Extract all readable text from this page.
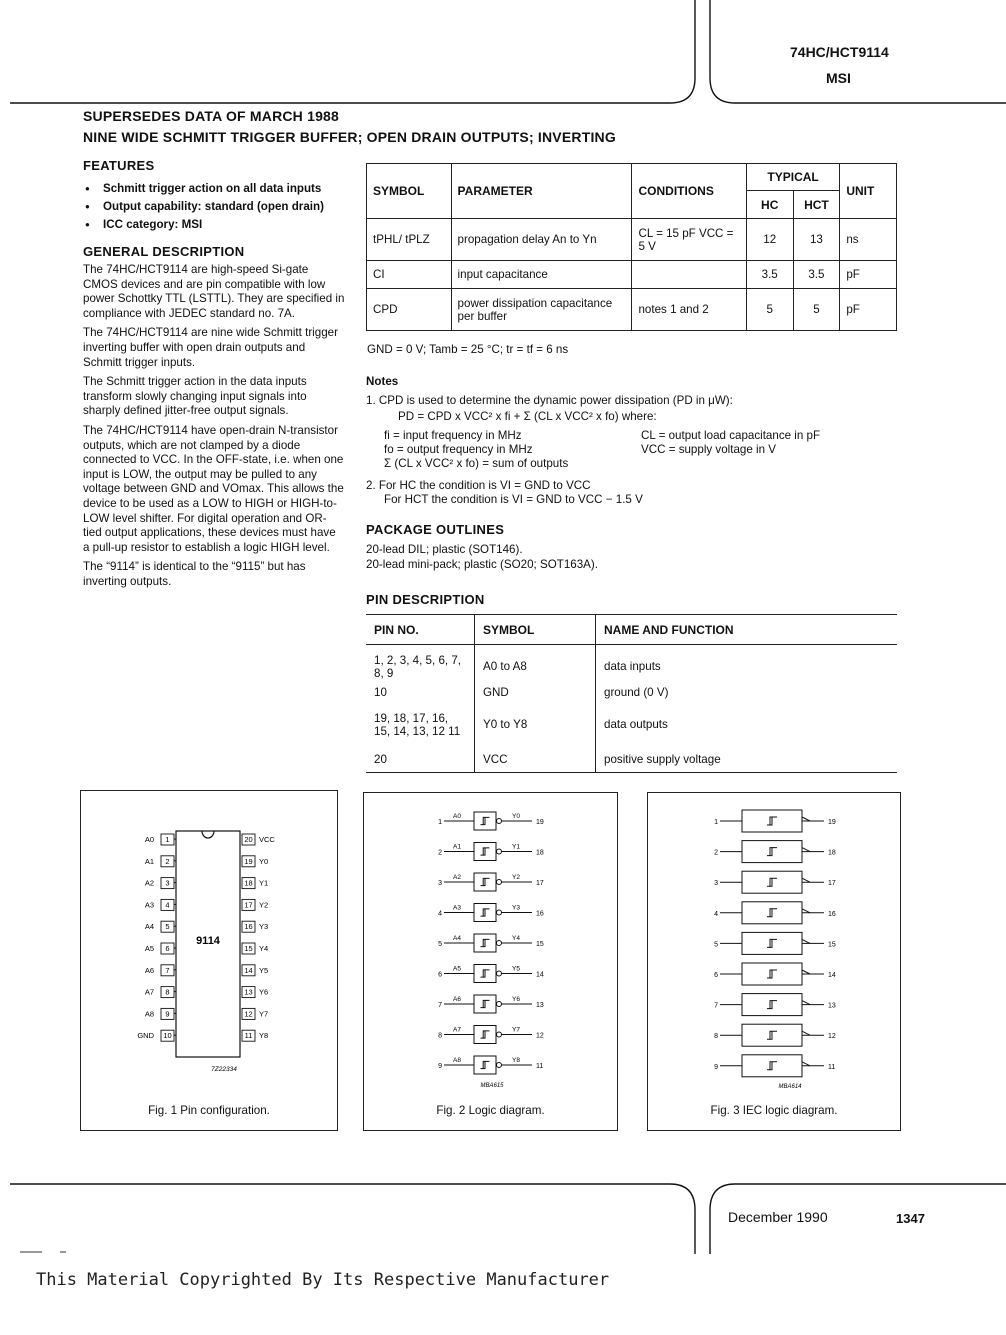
74HC/HCT9114
MSI
SUPERSEDES DATA OF MARCH 1988
NINE WIDE SCHMITT TRIGGER BUFFER; OPEN DRAIN OUTPUTS; INVERTING
FEATURES
● Schmitt trigger action on all data inputs
● Output capability: standard (open drain)
● ICC category: MSI
GENERAL DESCRIPTION

The 74HC/HCT9114 are high-speed Si-gate CMOS devices and are pin compatible with low power Schottky TTL (LSTTL). They are specified in compliance with JEDEC standard no. 7A.

The 74HC/HCT9114 are nine wide Schmitt trigger inverting buffer with open drain outputs and Schmitt trigger inputs.

The Schmitt trigger action in the data inputs transform slowly changing input signals into sharply defined jitter-free output signals.

The 74HC/HCT9114 have open-drain N-transistor outputs, which are not clamped by a diode connected to VCC. In the OFF-state, i.e. when one input is LOW, the output may be pulled to any voltage between GND and VOmax. This allows the device to be used as a LOW to HIGH or HIGH-to-LOW level shifter. For digital operation and OR-tied output applications, these devices must have a pull-up resistor to establish a logic HIGH level.

The “9114” is identical to the “9115” but has inverting outputs.

SYMBOL	PARAMETER	CONDITIONS	TYPICAL		UNIT
			HC	HCT	
tPHL/ tPLZ	propagation delay An to Yn	CL = 15 pF VCC = 5 V	12	13	ns
CI	input capacitance		3.5	3.5	pF
CPD	power dissipation capacitance per buffer	notes 1 and 2	5	5	pF
GND = 0 V; Tamb = 25 °C; tr = tf = 6 ns
Notes
1. CPD is used to determine the dynamic power dissipation (PD in μW):
PD = CPD x VCC² x fi + Σ (CL x VCC² x fo) where:
fi = input frequency in MHz
fo = output frequency in MHz
Σ (CL x VCC² x fo) = sum of outputs
CL = output load capacitance in pF
VCC = supply voltage in V
2. For HC the condition is VI = GND to VCC
For HCT the condition is VI = GND to VCC − 1.5 V
PACKAGE OUTLINES
20-lead DIL; plastic (SOT146).
20-lead mini-pack; plastic (SO20; SOT163A).
PIN DESCRIPTION
PIN NO.	SYMBOL	NAME AND FUNCTION
1, 2, 3, 4, 5, 6, 7, 8, 9	A0 to A8	data inputs
10	GND	ground (0 V)
19, 18, 17, 16, 15, 14, 13, 12 11	Y0 to Y8	data outputs
20	VCC	positive supply voltage
9114
1
A0	20 VCC
2
A1	19 Y0
3
A2	18 Y1
4
A3	17 Y2
5
A4	16 Y3
6
A5	15 Y4
7
A6	14 Y5
8
A7	13 Y6
9
A8	12 Y7
10
GND	11 Y8
7Z22334
Fig. 1 Pin configuration.
1
A0	Y0
19
2
A1	Y1
18
3
A2	Y2
17
4
A3	Y3
16
5
A4	Y4
15
6
A5	Y5
14
7
A6	Y6
13
8
A7	Y7
12
9
A8	Y8
11
MBA615
Fig. 2 Logic diagram.
1	19
2	18
3	17
4	16
5	15
6	14
7	13
8	12
9	11
MBA614
Fig. 3 IEC logic diagram.
December 1990	1347
This Material Copyrighted By Its Respective Manufacturer
